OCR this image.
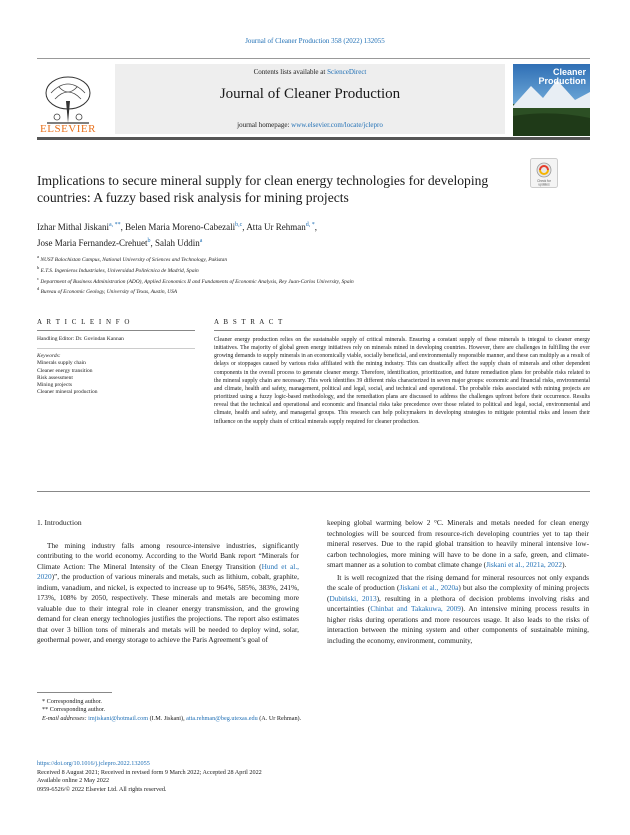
Journal of Cleaner Production 358 (2022) 132055
ELSEVIER
Contents lists available at ScienceDirect
Journal of Cleaner Production
journal homepage: www.elsevier.com/locate/jclepro
Cleaner
Production
Implications to secure mineral supply for clean energy technologies for developing countries: A fuzzy based risk analysis for mining projects
Check for
updates
Izhar Mithal Jiskani$^{a, **}$, Belen Maria Moreno-Cabezali$^{b,c}$, Atta Ur Rehman$^{d, *}$,
Jose Maria Fernandez-Crehuet$^b$, Salah Uddin$^a$
$^a$ NUST Balochistan Campus, National University of Sciences and Technology, Pakistan
$^b$ E.T.S. Ingenieros Industriales, Universidad Politécnica de Madrid, Spain
$^c$ Department of Business Administration (ADO), Applied Economics II and Fundaments of Economic Analysis, Rey Juan-Carlos University, Spain
$^d$ Bureau of Economic Geology, University of Texas, Austin, USA
A R T I C L E I N F O	A B S T R A C T
Handling Editor: Dr. Govindan Kannan
Keywords:
Minerals supply chain
Cleaner energy transition
Risk assessment
Mining projects
Cleaner mineral production
Cleaner energy production relies on the sustainable supply of critical minerals. Ensuring a constant supply of these minerals is integral to cleaner energy initiatives. The majority of global green energy initiatives rely on minerals mined in developing countries. However, there are challenges in fulfilling the ever growing demands to supply minerals in an economically viable, socially beneficial, and environmentally responsible manner, and these can multiply as a result of delays or stoppages caused by various risks affiliated with the mining industry. This can drastically affect the supply chain of minerals and other dependent components in the overall process to generate cleaner energy. Therefore, identification, prioritization, and future remediation plans for probable risks related to the mineral supply chain are necessary. This work identifies 39 different risks characterized in seven major groups: economic and financial risks, environmental and climate, health and safety, management, political and legal, social, and technical and operational. The probable risks associated with mining projects are prioritized using a fuzzy logic-based methodology, and the remediation plans are discussed to address the challenges upfront before their occurrence. Results reveal that the technical and operational and economic and financial risks take precedence over those related to political and legal, social, environmental and climate, health and safety, and managerial groups. This research can help policymakers in developing strategies to mitigate potential risks and lessen their influence on the supply chain of critical minerals supply required for cleaner production.
1. Introduction

The mining industry falls among resource-intensive industries, significantly contributing to the world economy. According to the World Bank report “Minerals for Climate Action: The Mineral Intensity of the Clean Energy Transition (Hund et al., 2020)”, the production of various minerals and metals, such as lithium, cobalt, graphite, indium, vanadium, and nickel, is expected to increase up to 964%, 585%, 383%, 241%, 173%, 108% by 2050, respectively. These minerals and metals are becoming more valuable due to their integral role in cleaner energy transmission, and the growing demand for clean energy technologies justifies the projections. The report also estimates that over 3 billion tons of minerals and metals will be needed to deploy wind, solar, geothermal power, and energy storage to achieve the Paris Agreement’s goal of

keeping global warming below 2 °C. Minerals and metals needed for clean energy technologies will be sourced from resource-rich developing countries yet to tap their mineral reserves. Due to the rapid global transition to heavily mineral intensive low-carbon technologies, more mining will have to be done in a safe, green, and climate-smart manner as a solution to combat climate change (Jiskani et al., 2021a, 2022).

It is well recognized that the rising demand for mineral resources not only expands the scale of production (Jiskani et al., 2020a) but also the complexity of mining projects (Dubiński, 2013), resulting in a plethora of decision problems involving risks and uncertainties (Chinbat and Takakuwa, 2009). An intensive mining process results in higher risks during operations and more resources usage. It also leads to the risks of interaction between the mining system and other components of sustainable mining, including the economy, environment, community,

* Corresponding author.
** Corresponding author.
E-mail addresses: imjiskani@hotmail.com (I.M. Jiskani), atta.rehman@beg.utexas.edu (A. Ur Rehman).
https://doi.org/10.1016/j.jclepro.2022.132055
Received 8 August 2021; Received in revised form 9 March 2022; Accepted 28 April 2022
Available online 2 May 2022
0959-6526/© 2022 Elsevier Ltd. All rights reserved.
